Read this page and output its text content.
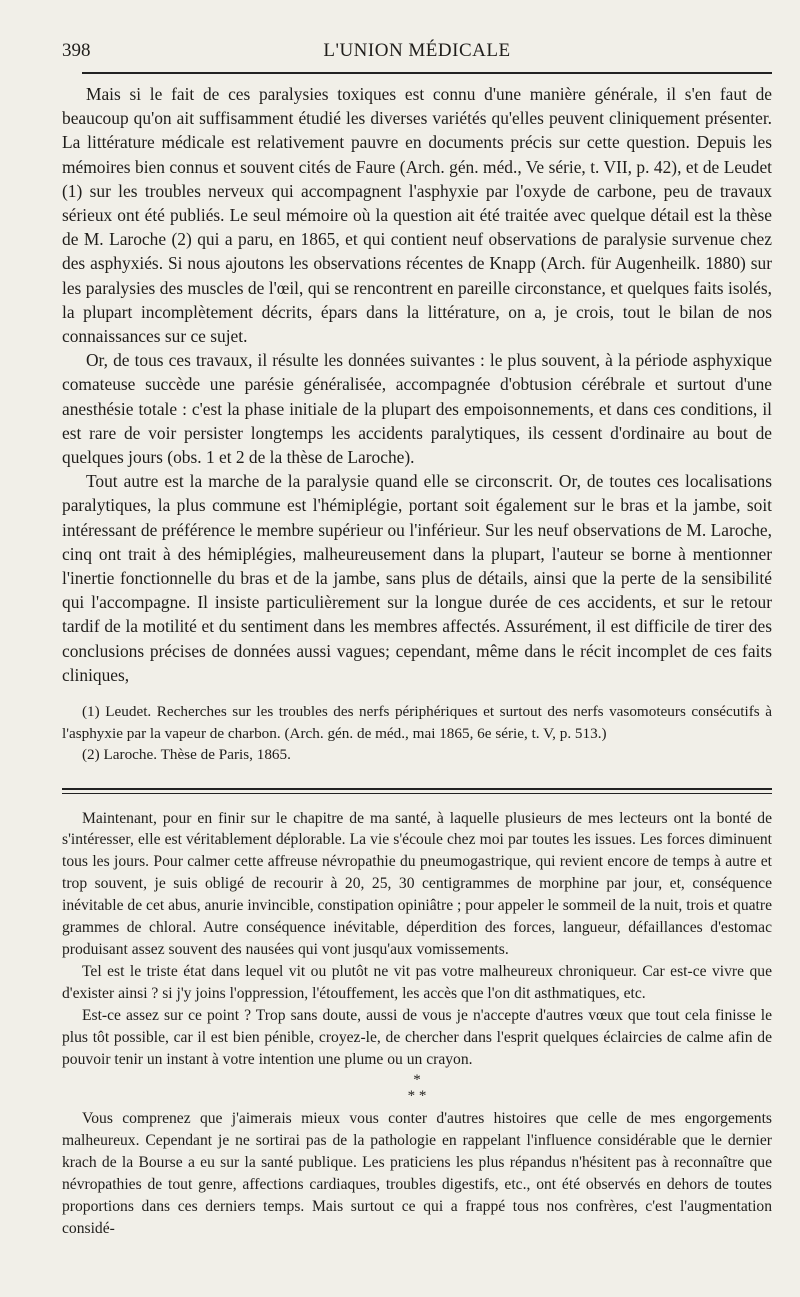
398	L'UNION MÉDICALE

Mais si le fait de ces paralysies toxiques est connu d'une manière générale, il s'en faut de beaucoup qu'on ait suffisamment étudié les diverses variétés qu'elles peuvent cliniquement présenter. La littérature médicale est relativement pauvre en documents précis sur cette question. Depuis les mémoires bien connus et souvent cités de Faure (Arch. gén. méd., Ve série, t. VII, p. 42), et de Leudet (1) sur les troubles nerveux qui accompagnent l'asphyxie par l'oxyde de carbone, peu de travaux sérieux ont été publiés. Le seul mémoire où la question ait été traitée avec quelque détail est la thèse de M. Laroche (2) qui a paru, en 1865, et qui contient neuf observations de paralysie survenue chez des asphyxiés. Si nous ajoutons les observations récentes de Knapp (Arch. für Augenheilk. 1880) sur les paralysies des muscles de l'œil, qui se rencontrent en pareille circonstance, et quelques faits isolés, la plupart incomplètement décrits, épars dans la littérature, on a, je crois, tout le bilan de nos connaissances sur ce sujet.

Or, de tous ces travaux, il résulte les données suivantes : le plus souvent, à la période asphyxique comateuse succède une parésie généralisée, accompagnée d'obtusion cérébrale et surtout d'une anesthésie totale : c'est la phase initiale de la plupart des empoisonnements, et dans ces conditions, il est rare de voir persister longtemps les accidents paralytiques, ils cessent d'ordinaire au bout de quelques jours (obs. 1 et 2 de la thèse de Laroche).

Tout autre est la marche de la paralysie quand elle se circonscrit. Or, de toutes ces localisations paralytiques, la plus commune est l'hémiplégie, portant soit également sur le bras et la jambe, soit intéressant de préférence le membre supérieur ou l'inférieur. Sur les neuf observations de M. Laroche, cinq ont trait à des hémiplégies, malheureusement dans la plupart, l'auteur se borne à mentionner l'inertie fonctionnelle du bras et de la jambe, sans plus de détails, ainsi que la perte de la sensibilité qui l'accompagne. Il insiste particulièrement sur la longue durée de ces accidents, et sur le retour tardif de la motilité et du sentiment dans les membres affectés. Assurément, il est difficile de tirer des conclusions précises de données aussi vagues; cependant, même dans le récit incomplet de ces faits cliniques,

(1) Leudet. Recherches sur les troubles des nerfs périphériques et surtout des nerfs vasomoteurs consécutifs à l'asphyxie par la vapeur de charbon. (Arch. gén. de méd., mai 1865, 6e série, t. V, p. 513.)

(2) Laroche. Thèse de Paris, 1865.

Maintenant, pour en finir sur le chapitre de ma santé, à laquelle plusieurs de mes lecteurs ont la bonté de s'intéresser, elle est véritablement déplorable. La vie s'écoule chez moi par toutes les issues. Les forces diminuent tous les jours. Pour calmer cette affreuse névropathie du pneumogastrique, qui revient encore de temps à autre et trop souvent, je suis obligé de recourir à 20, 25, 30 centigrammes de morphine par jour, et, conséquence inévitable de cet abus, anurie invincible, constipation opiniâtre ; pour appeler le sommeil de la nuit, trois et quatre grammes de chloral. Autre conséquence inévitable, déperdition des forces, langueur, défaillances d'estomac produisant assez souvent des nausées qui vont jusqu'aux vomissements.

Tel est le triste état dans lequel vit ou plutôt ne vit pas votre malheureux chroniqueur. Car est-ce vivre que d'exister ainsi ? si j'y joins l'oppression, l'étouffement, les accès que l'on dit asthmatiques, etc.

Est-ce assez sur ce point ? Trop sans doute, aussi de vous je n'accepte d'autres vœux que tout cela finisse le plus tôt possible, car il est bien pénible, croyez-le, de chercher dans l'esprit quelques éclaircies de calme afin de pouvoir tenir un instant à votre intention une plume ou un crayon.

*
* *

Vous comprenez que j'aimerais mieux vous conter d'autres histoires que celle de mes engorgements malheureux. Cependant je ne sortirai pas de la pathologie en rappelant l'influence considérable que le dernier krach de la Bourse a eu sur la santé publique. Les praticiens les plus répandus n'hésitent pas à reconnaître que névropathies de tout genre, affections cardiaques, troubles digestifs, etc., ont été observés en dehors de toutes proportions dans ces derniers temps. Mais surtout ce qui a frappé tous nos confrères, c'est l'augmentation considé-
